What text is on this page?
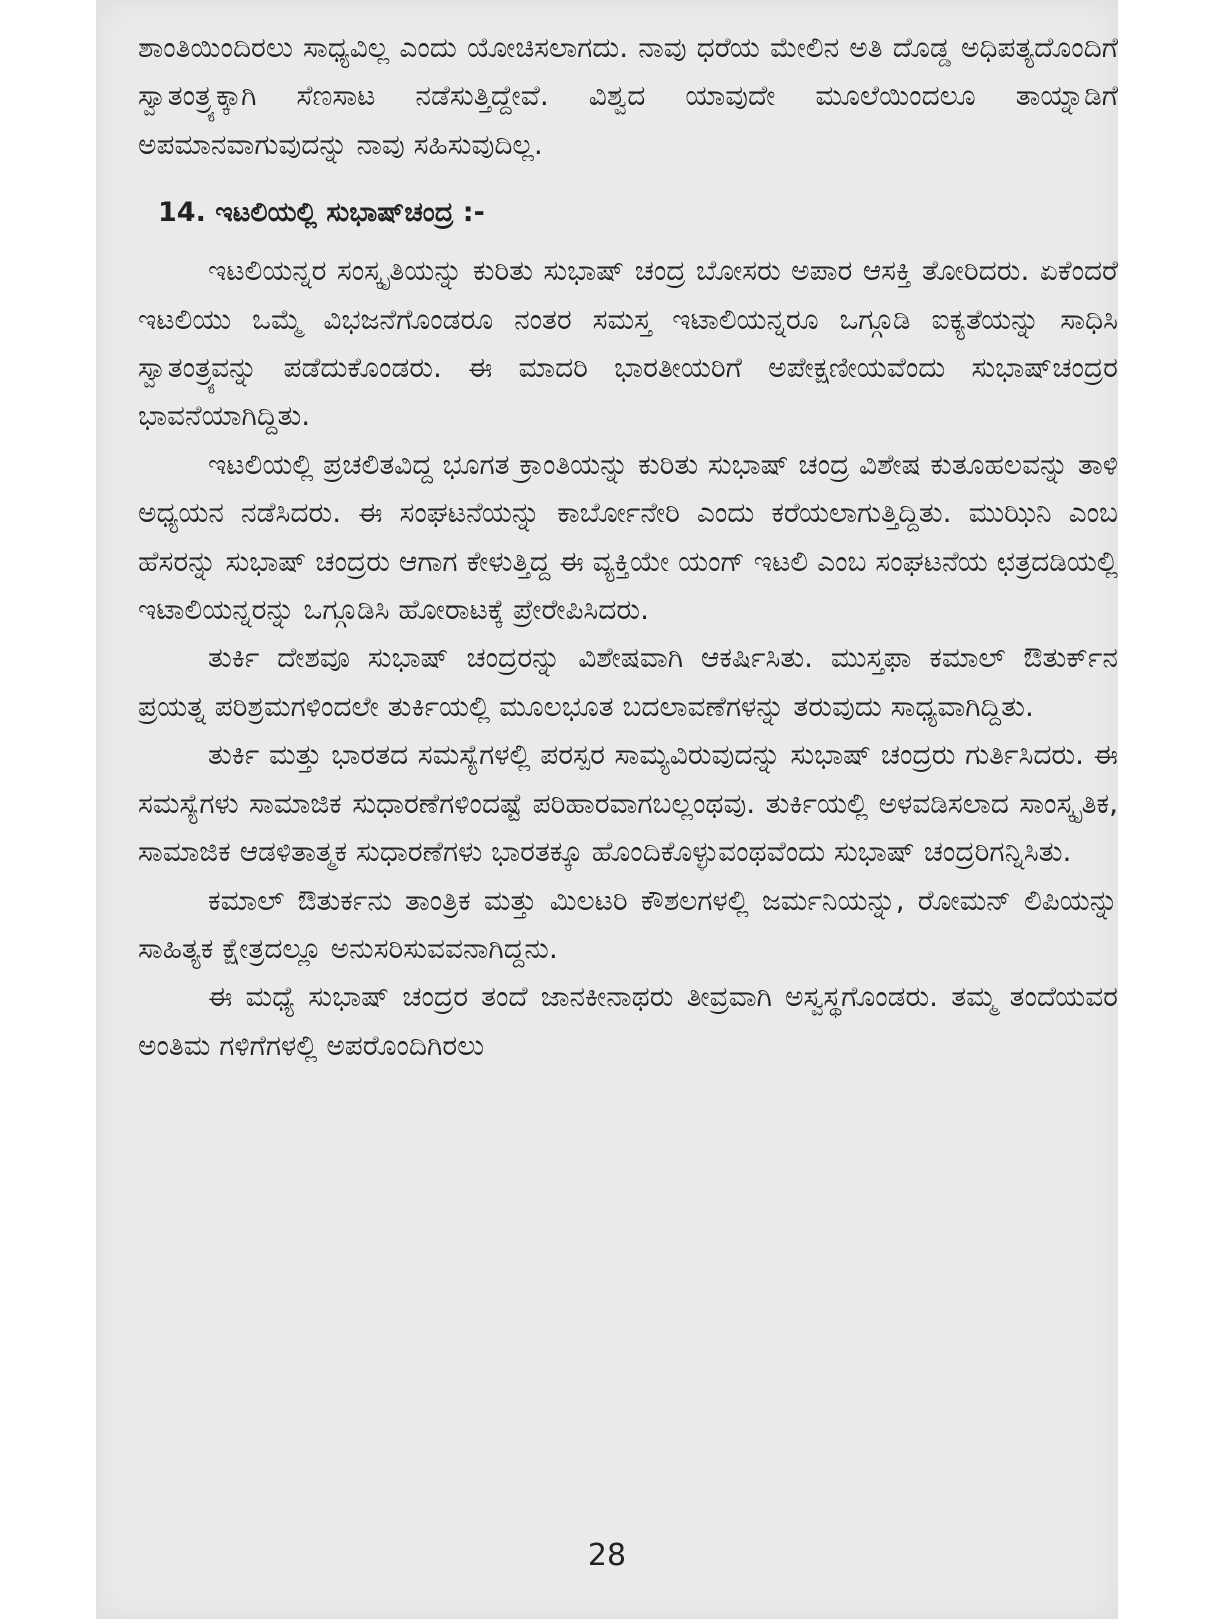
ಶಾಂತಿಯಿಂದಿರಲು ಸಾಧ್ಯವಿಲ್ಲ ಎಂದು ಯೋಚಿಸಲಾಗದು. ನಾವು ಧರೆಯ ಮೇಲಿನ ಅತಿ ದೊಡ್ಡ ಅಧಿಪತ್ಯದೊಂದಿಗೆ ಸ್ವಾತಂತ್ರ್ಯಕ್ಕಾಗಿ ಸೆಣಸಾಟ ನಡೆಸುತ್ತಿದ್ದೇವೆ. ವಿಶ್ವದ ಯಾವುದೇ ಮೂಲೆಯಿಂದಲೂ ತಾಯ್ನಾಡಿಗೆ ಅಪಮಾನವಾಗುವುದನ್ನು ನಾವು ಸಹಿಸುವುದಿಲ್ಲ.

14. ಇಟಲಿಯಲ್ಲಿ ಸುಭಾಷ್‌ಚಂದ್ರ :-

ಇಟಲಿಯನ್ನರ ಸಂಸ್ಕೃತಿಯನ್ನು ಕುರಿತು ಸುಭಾಷ್ ಚಂದ್ರ ಬೋಸರು ಅಪಾರ ಆಸಕ್ತಿ ತೋರಿದರು. ಏಕೆಂದರೆ ಇಟಲಿಯು ಒಮ್ಮೆ ವಿಭಜನೆಗೊಂಡರೂ ನಂತರ ಸಮಸ್ತ ಇಟಾಲಿಯನ್ನರೂ ಒಗ್ಗೂಡಿ ಐಕ್ಯತೆಯನ್ನು ಸಾಧಿಸಿ ಸ್ವಾತಂತ್ರ್ಯವನ್ನು ಪಡೆದುಕೊಂಡರು. ಈ ಮಾದರಿ ಭಾರತೀಯರಿಗೆ ಅಪೇಕ್ಷಣೀಯವೆಂದು ಸುಭಾಷ್‌ಚಂದ್ರರ ಭಾವನೆಯಾಗಿದ್ದಿತು.

ಇಟಲಿಯಲ್ಲಿ ಪ್ರಚಲಿತವಿದ್ದ ಭೂಗತ ಕ್ರಾಂತಿಯನ್ನು ಕುರಿತು ಸುಭಾಷ್ ಚಂದ್ರ ವಿಶೇಷ ಕುತೂಹಲವನ್ನು ತಾಳಿ ಅಧ್ಯಯನ ನಡೆಸಿದರು. ಈ ಸಂಘಟನೆಯನ್ನು ಕಾರ್ಬೋನೇರಿ ಎಂದು ಕರೆಯಲಾಗುತ್ತಿದ್ದಿತು. ಮುಝಿನಿ ಎಂಬ ಹೆಸರನ್ನು ಸುಭಾಷ್ ಚಂದ್ರರು ಆಗಾಗ ಕೇಳುತ್ತಿದ್ದ ಈ ವ್ಯಕ್ತಿಯೇ ಯಂಗ್ ಇಟಲಿ ಎಂಬ ಸಂಘಟನೆಯ ಛತ್ರದಡಿಯಲ್ಲಿ ಇಟಾಲಿಯನ್ನರನ್ನು ಒಗ್ಗೂಡಿಸಿ ಹೋರಾಟಕ್ಕೆ ಪ್ರೇರೇಪಿಸಿದರು.

ತುರ್ಕಿ ದೇಶವೂ ಸುಭಾಷ್ ಚಂದ್ರರನ್ನು ವಿಶೇಷವಾಗಿ ಆಕರ್ಷಿಸಿತು. ಮುಸ್ತಫಾ ಕಮಾಲ್ ಔತುರ್ಕ್‌ನ ಪ್ರಯತ್ನ ಪರಿಶ್ರಮಗಳಿಂದಲೇ ತುರ್ಕಿಯಲ್ಲಿ ಮೂಲಭೂತ ಬದಲಾವಣೆಗಳನ್ನು ತರುವುದು ಸಾಧ್ಯವಾಗಿದ್ದಿತು.

ತುರ್ಕಿ ಮತ್ತು ಭಾರತದ ಸಮಸ್ಯೆಗಳಲ್ಲಿ ಪರಸ್ಪರ ಸಾಮ್ಯವಿರುವುದನ್ನು ಸುಭಾಷ್ ಚಂದ್ರರು ಗುರ್ತಿಸಿದರು. ಈ ಸಮಸ್ಯೆಗಳು ಸಾಮಾಜಿಕ ಸುಧಾರಣೆಗಳಿಂದಷ್ಟೆ ಪರಿಹಾರವಾಗಬಲ್ಲಂಥವು. ತುರ್ಕಿಯಲ್ಲಿ ಅಳವಡಿಸಲಾದ ಸಾಂಸ್ಕೃತಿಕ, ಸಾಮಾಜಿಕ ಆಡಳಿತಾತ್ಮಕ ಸುಧಾರಣೆಗಳು ಭಾರತಕ್ಕೂ ಹೊಂದಿಕೊಳ್ಳುವಂಥವೆಂದು ಸುಭಾಷ್ ಚಂದ್ರರಿಗನ್ನಿಸಿತು.

ಕಮಾಲ್ ಔತುರ್ಕನು ತಾಂತ್ರಿಕ ಮತ್ತು ಮಿಲಟರಿ ಕೌಶಲಗಳಲ್ಲಿ ಜರ್ಮನಿಯನ್ನು, ರೋಮನ್ ಲಿಪಿಯನ್ನು ಸಾಹಿತ್ಯಕ ಕ್ಷೇತ್ರದಲ್ಲೂ ಅನುಸರಿಸುವವನಾಗಿದ್ದನು.

ಈ ಮಧ್ಯೆ ಸುಭಾಷ್ ಚಂದ್ರರ ತಂದೆ ಜಾನಕೀನಾಥರು ತೀವ್ರವಾಗಿ ಅಸ್ವಸ್ಥಗೊಂಡರು. ತಮ್ಮ ತಂದೆಯವರ ಅಂತಿಮ ಗಳಿಗೆಗಳಲ್ಲಿ ಅಪರೊಂದಿಗಿರಲು

28
